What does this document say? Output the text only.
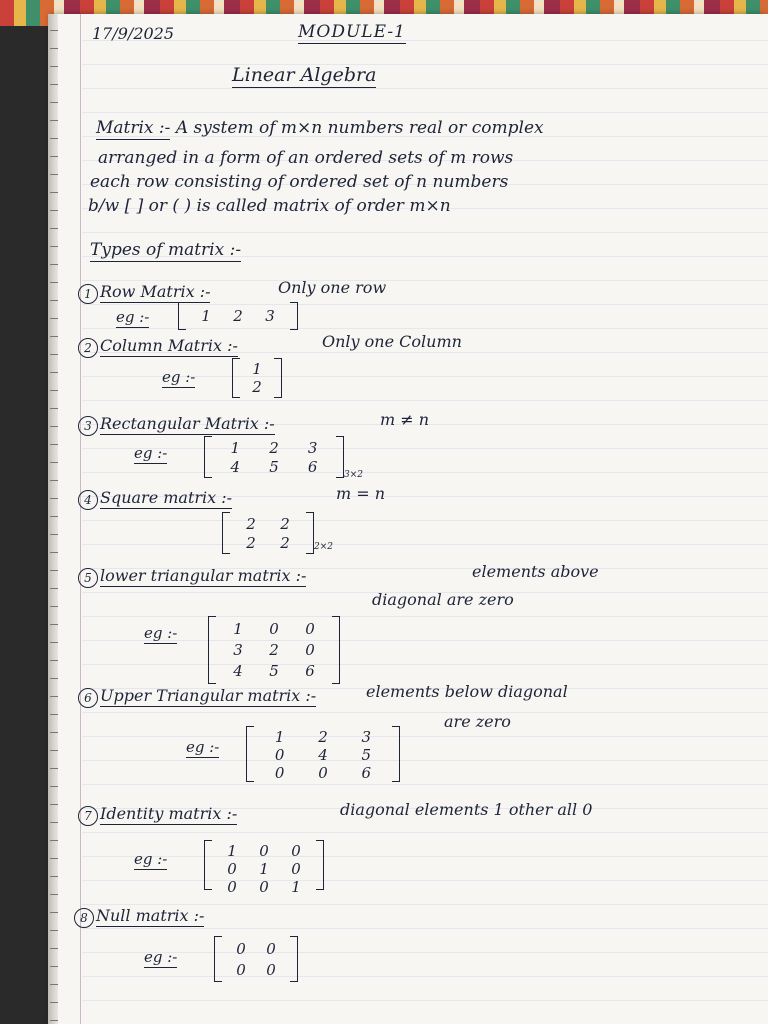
17/9/2025	MODULE-1
Linear Algebra
Matrix :- A system of m×n numbers real or complex
arranged in a form of an ordered sets of m rows
each row consisting of ordered set of n numbers
b/w [ ] or ( ) is called matrix of order m×n
Types of matrix :-
1 Row Matrix :-	Only one row
eg :-	1	2	3
2 Column Matrix :-	Only one Column
eg :-	1
2
3 Rectangular Matrix :-	m ≠ n
eg :-	1	2	3
4	5	6	3×2
4 Square matrix :-	m = n
2	2
2	2	2×2
5 lower triangular matrix :-	elements above
diagonal are zero
eg :-	1	0	0
3	2	0
4	5	6
6 Upper Triangular matrix :-	elements below diagonal
are zero
eg :-
1	2	3
0	4	5
0	0	6
7 Identity matrix :-	diagonal elements 1 other all 0
eg :-	1	0	0
0	1	0
0	0	1
8 Null matrix :-
eg :-	0	0
0	0
